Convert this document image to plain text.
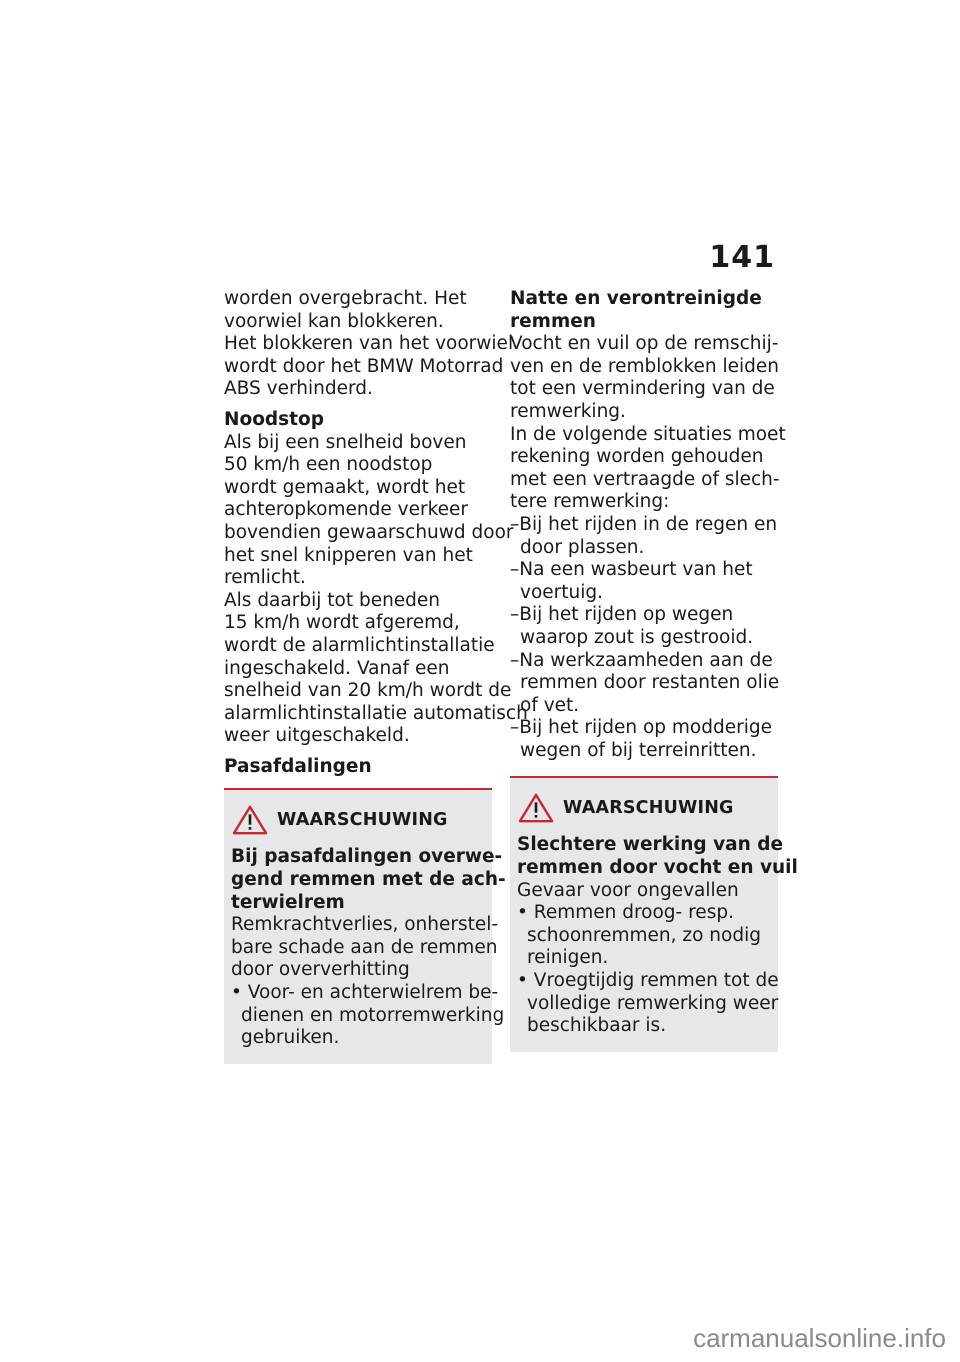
141
worden overgebracht. Het
voorwiel kan blokkeren.
Het blokkeren van het voorwiel
wordt door het BMW Motorrad
ABS verhinderd.
Noodstop
Als bij een snelheid boven
50 km/h een noodstop
wordt gemaakt, wordt het
achteropkomende verkeer
bovendien gewaarschuwd door
het snel knipperen van het
remlicht.
Als daarbij tot beneden
15 km/h wordt afgeremd,
wordt de alarmlichtinstallatie
ingeschakeld. Vanaf een
snelheid van 20 km/h wordt de
alarmlichtinstallatie automatisch
weer uitgeschakeld.
Pasafdalingen
WAARSCHUWING
Bij pasafdalingen overwe-
gend remmen met de ach-
terwielrem
Remkrachtverlies, onherstel-
bare schade aan de remmen
door oververhitting
• Voor- en achterwielrem be-
dienen en motorremwerking
gebruiken.
Natte en verontreinigde
remmen
Vocht en vuil op de remschij-
ven en de remblokken leiden
tot een vermindering van de
remwerking.
In de volgende situaties moet
rekening worden gehouden
met een vertraagde of slech-
tere remwerking:
–Bij het rijden in de regen en
door plassen.
–Na een wasbeurt van het
voertuig.
–Bij het rijden op wegen
waarop zout is gestrooid.
–Na werkzaamheden aan de
remmen door restanten olie
of vet.
–Bij het rijden op modderige
wegen of bij terreinritten.
WAARSCHUWING
Slechtere werking van de
remmen door vocht en vuil
Gevaar voor ongevallen
• Remmen droog- resp.
schoonremmen, zo nodig
reinigen.
• Vroegtijdig remmen tot de
volledige remwerking weer
beschikbaar is.
carmanualsonline.info
